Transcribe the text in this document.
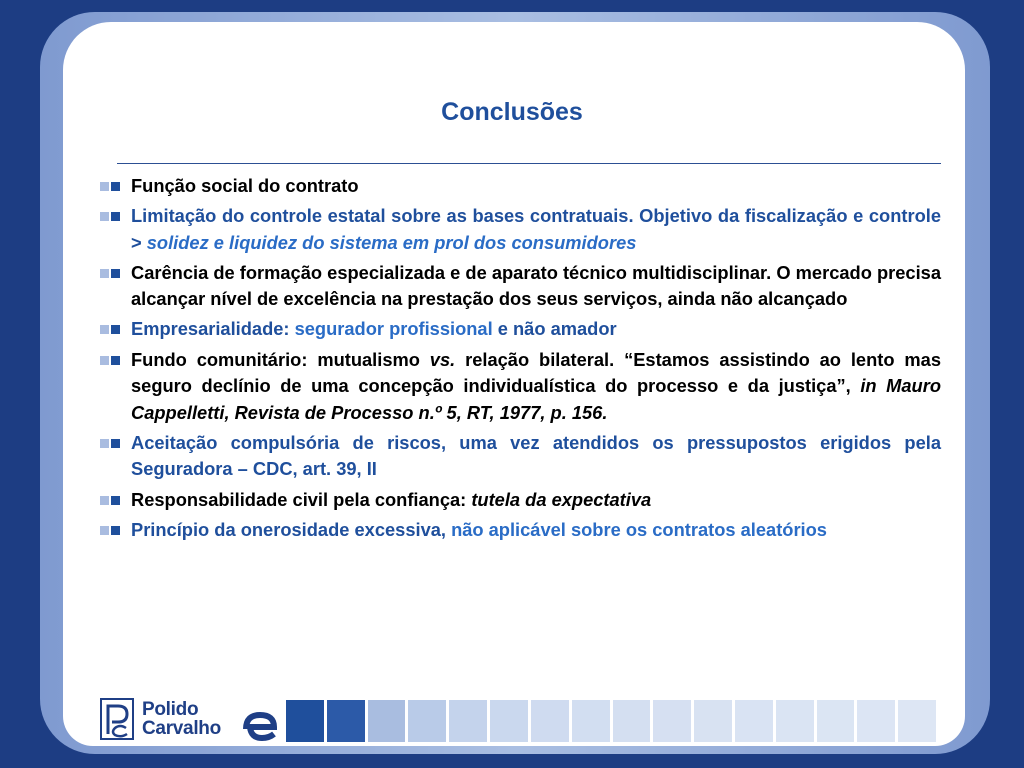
Conclusões
Função social do contrato
Limitação do controle estatal sobre as bases contratuais. Objetivo da fiscalização e controle > solidez e liquidez do sistema em prol dos consumidores
Carência de formação especializada e de aparato técnico multidisciplinar. O mercado precisa alcançar nível de excelência na prestação dos seus serviços, ainda não alcançado
Empresarialidade: segurador profissional e não amador
Fundo comunitário: mutualismo vs. relação bilateral. “Estamos assistindo ao lento mas seguro declínio de uma concepção individualística do processo e da justiça”, in Mauro Cappelletti, Revista de Processo n.º 5, RT, 1977, p. 156.
Aceitação compulsória de riscos, uma vez atendidos os pressupostos erigidos pela Seguradora – CDC, art. 39, II
Responsabilidade civil pela confiança: tutela da expectativa
Princípio da onerosidade excessiva, não aplicável sobre os contratos aleatórios
Polido
Carvalho
